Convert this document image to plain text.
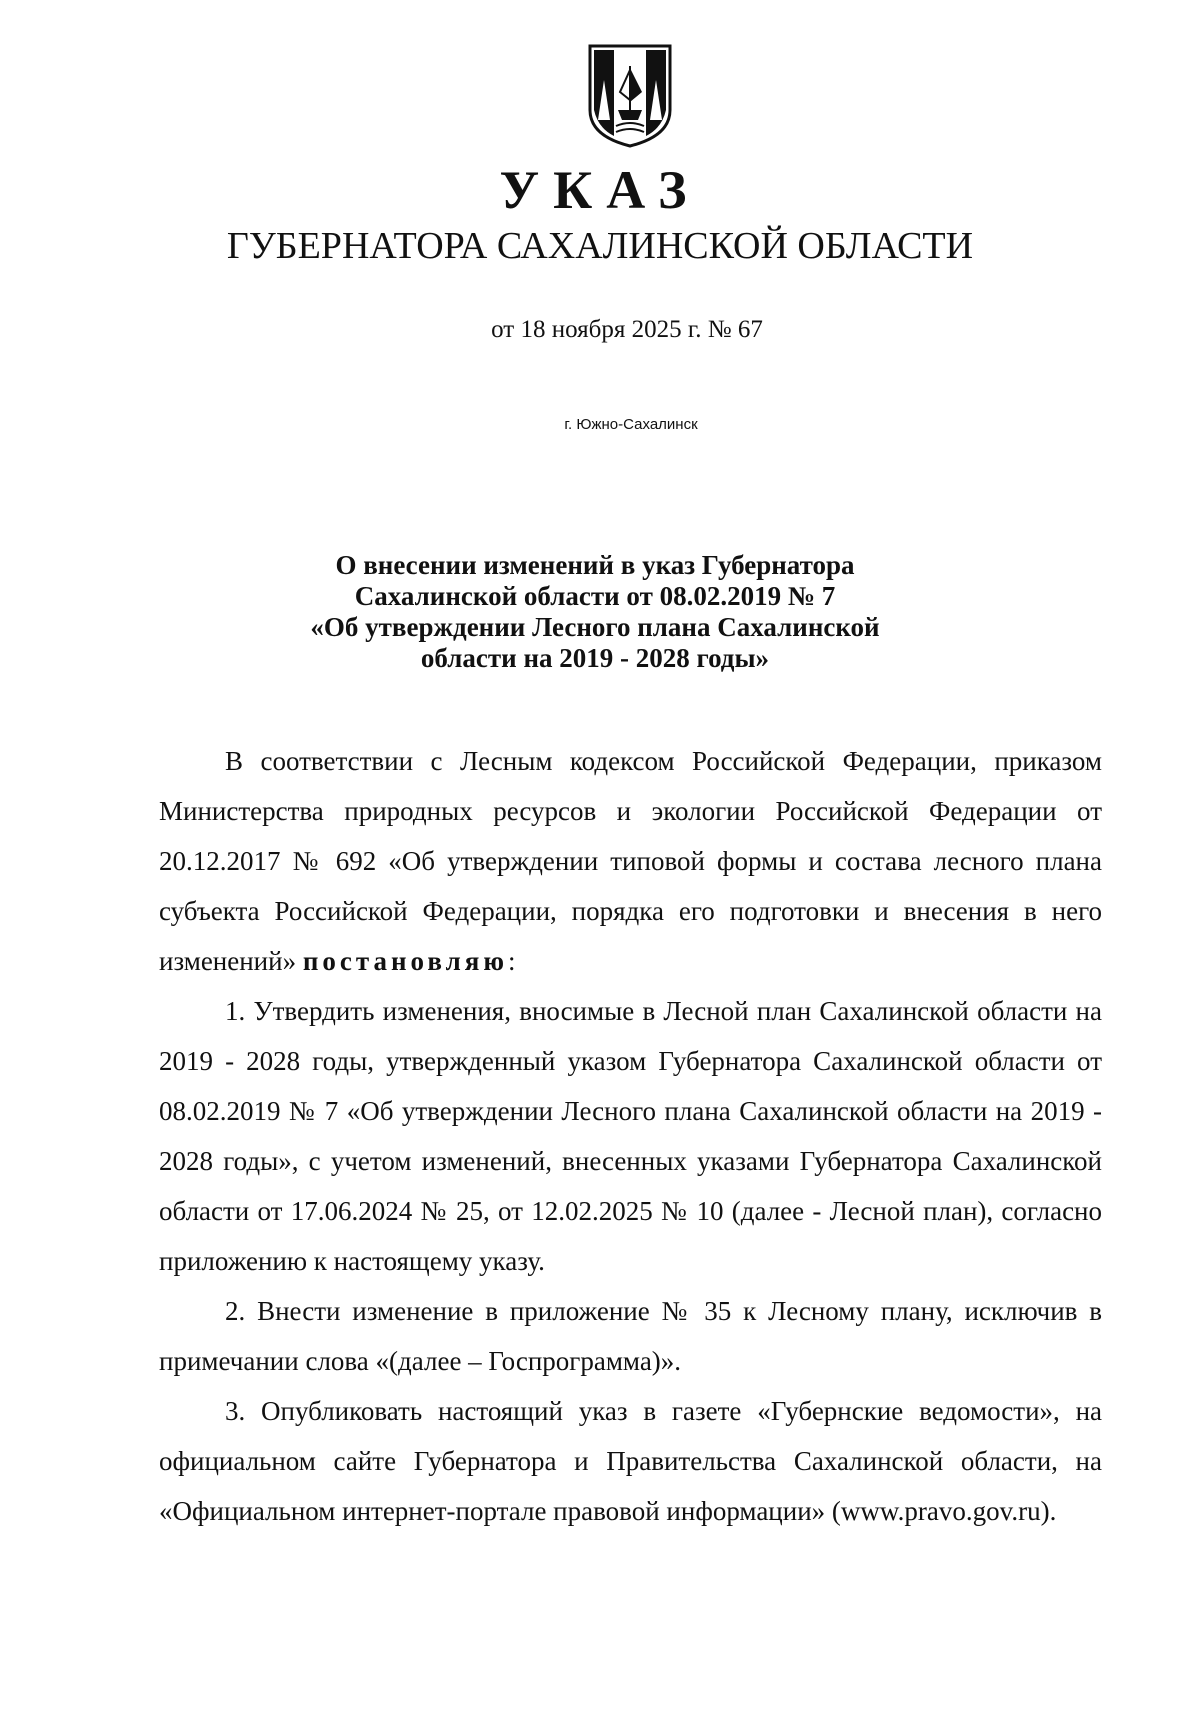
УКАЗ
ГУБЕРНАТОРА САХАЛИНСКОЙ ОБЛАСТИ
от 18 ноября 2025 г. № 67
г. Южно-Сахалинск
О внесении изменений в указ Губернатора
Сахалинской области от 08.02.2019 № 7
«Об утверждении Лесного плана Сахалинской
области на 2019 - 2028 годы»

В соответствии с Лесным кодексом Российской Федерации, приказом Министерства природных ресурсов и экологии Российской Федерации от 20.12.2017 № 692 «Об утверждении типовой формы и состава лесного плана субъекта Российской Федерации, порядка его подготовки и внесения в него изменений» постановляю:

1. Утвердить изменения, вносимые в Лесной план Сахалинской области на 2019 - 2028 годы, утвержденный указом Губернатора Сахалинской области от 08.02.2019 № 7 «Об утверждении Лесного плана Сахалинской области на 2019 - 2028 годы», с учетом изменений, внесенных указами Губернатора Сахалинской области от 17.06.2024 № 25, от 12.02.2025 № 10 (далее - Лесной план), согласно приложению к настоящему указу.

2. Внести изменение в приложение № 35 к Лесному плану, исключив в примечании слова «(далее – Госпрограмма)».

3. Опубликовать настоящий указ в газете «Губернские ведомости», на официальном сайте Губернатора и Правительства Сахалинской области, на «Официальном интернет-портале правовой информации» (www.pravo.gov.ru).
